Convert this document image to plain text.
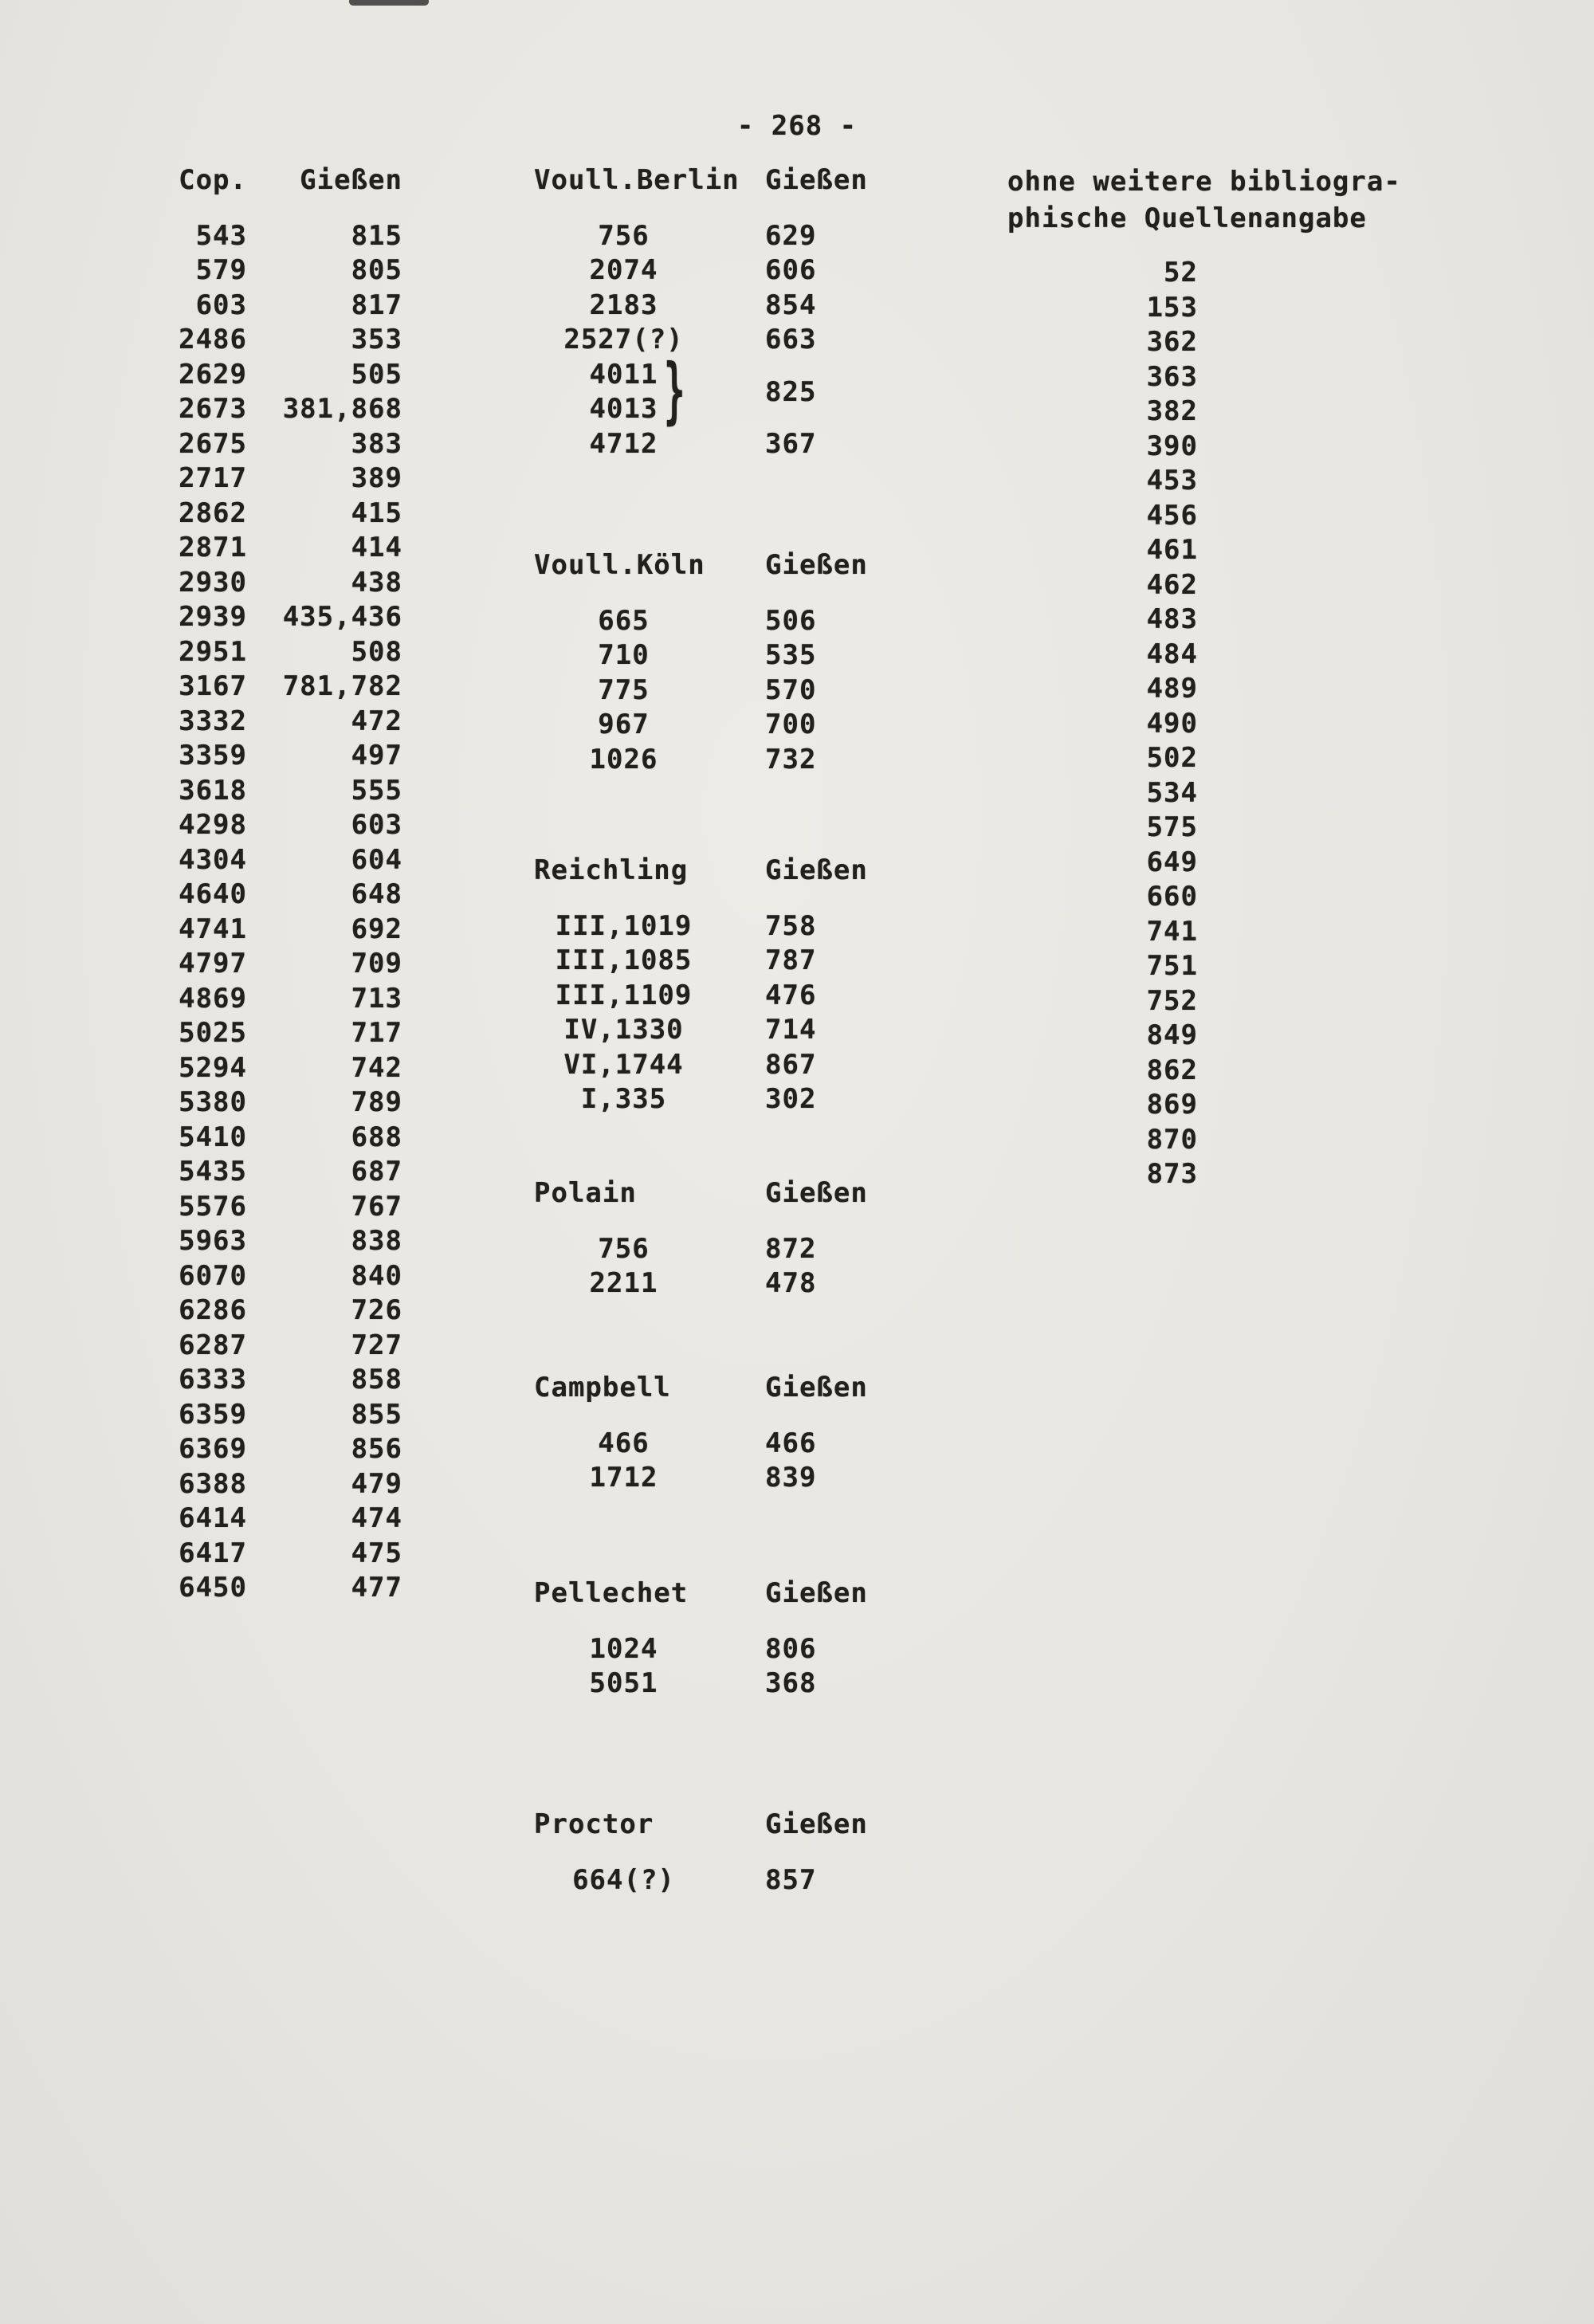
- 268 -
Cop.	Gießen
543	815
579	805
603	817
2486	353
2629	505
2673	381,868
2675	383
2717	389
2862	415
2871	414
2930	438
2939	435,436
2951	508
3167	781,782
3332	472
3359	497
3618	555
4298	603
4304	604
4640	648
4741	692
4797	709
4869	713
5025	717
5294	742
5380	789
5410	688
5435	687
5576	767
5963	838
6070	840
6286	726
6287	727
6333	858
6359	855
6369	856
6388	479
6414	474
6417	475
6450	477
Voull.Berlin Gießen
756	629
2074	606
2183	854
2527(?)	663
4011
4013 }	825
4712	367
Voull.Köln	Gießen
665	506
710	535
775	570
967	700
1026	732
Reichling	Gießen
III,1019	758
III,1085	787
III,1109	476
IV,1330	714
VI,1744	867
I,335	302
Polain	Gießen
756	872
2211	478
Campbell	Gießen
466	466
1712	839
Pellechet	Gießen
1024	806
5051	368
Proctor	Gießen
664(?)	857
ohne weitere bibliogra-
phische Quellenangabe
52
153
362
363
382
390
453
456
461
462
483
484
489
490
502
534
575
649
660
741
751
752
849
862
869
870
873
